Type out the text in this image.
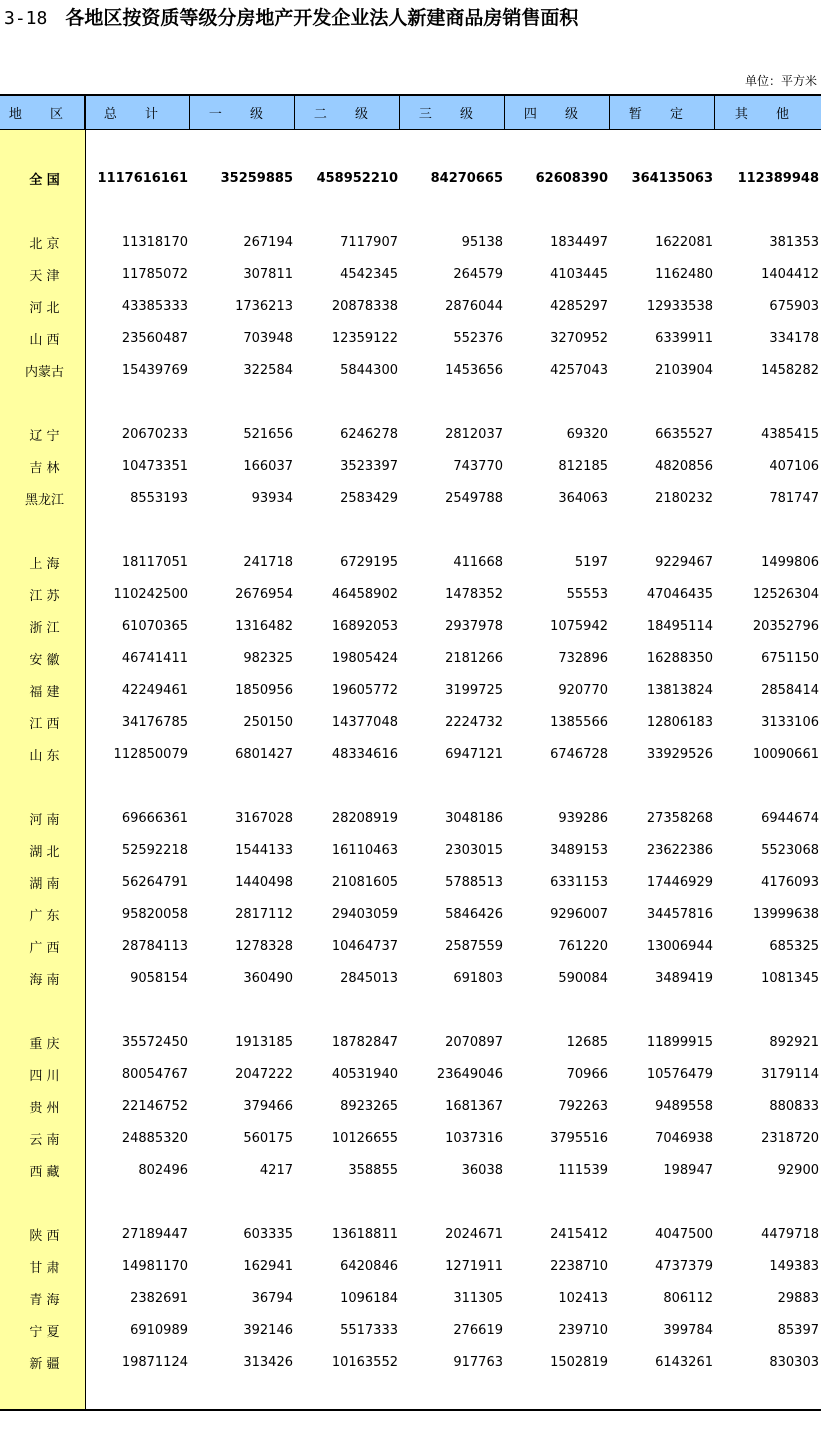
3-18 各地区按资质等级分房地产开发企业法人新建商品房销售面积
单位：平方米
地 区	总 计	一 级	二 级	三 级	四 级	暂 定	其 他
全 国	1117616161	35259885	458952210	84270665	62608390	364135063	112389948
北 京	11318170	267194	7117907	95138	1834497	1622081	381353
天 津	11785072	307811	4542345	264579	4103445	1162480	1404412
河 北	43385333	1736213	20878338	2876044	4285297	12933538	675903
山 西	23560487	703948	12359122	552376	3270952	6339911	334178
内蒙古	15439769	322584	5844300	1453656	4257043	2103904	1458282
辽 宁	20670233	521656	6246278	2812037	69320	6635527	4385415
吉 林	10473351	166037	3523397	743770	812185	4820856	407106
黑龙江	8553193	93934	2583429	2549788	364063	2180232	781747
上 海	18117051	241718	6729195	411668	5197	9229467	1499806
江 苏	110242500	2676954	46458902	1478352	55553	47046435	12526304
浙 江	61070365	1316482	16892053	2937978	1075942	18495114	20352796
安 徽	46741411	982325	19805424	2181266	732896	16288350	6751150
福 建	42249461	1850956	19605772	3199725	920770	13813824	2858414
江 西	34176785	250150	14377048	2224732	1385566	12806183	3133106
山 东	112850079	6801427	48334616	6947121	6746728	33929526	10090661
河 南	69666361	3167028	28208919	3048186	939286	27358268	6944674
湖 北	52592218	1544133	16110463	2303015	3489153	23622386	5523068
湖 南	56264791	1440498	21081605	5788513	6331153	17446929	4176093
广 东	95820058	2817112	29403059	5846426	9296007	34457816	13999638
广 西	28784113	1278328	10464737	2587559	761220	13006944	685325
海 南	9058154	360490	2845013	691803	590084	3489419	1081345
重 庆	35572450	1913185	18782847	2070897	12685	11899915	892921
四 川	80054767	2047222	40531940	23649046	70966	10576479	3179114
贵 州	22146752	379466	8923265	1681367	792263	9489558	880833
云 南	24885320	560175	10126655	1037316	3795516	7046938	2318720
西 藏	802496	4217	358855	36038	111539	198947	92900
陕 西	27189447	603335	13618811	2024671	2415412	4047500	4479718
甘 肃	14981170	162941	6420846	1271911	2238710	4737379	149383
青 海	2382691	36794	1096184	311305	102413	806112	29883
宁 夏	6910989	392146	5517333	276619	239710	399784	85397
新 疆	19871124	313426	10163552	917763	1502819	6143261	830303
